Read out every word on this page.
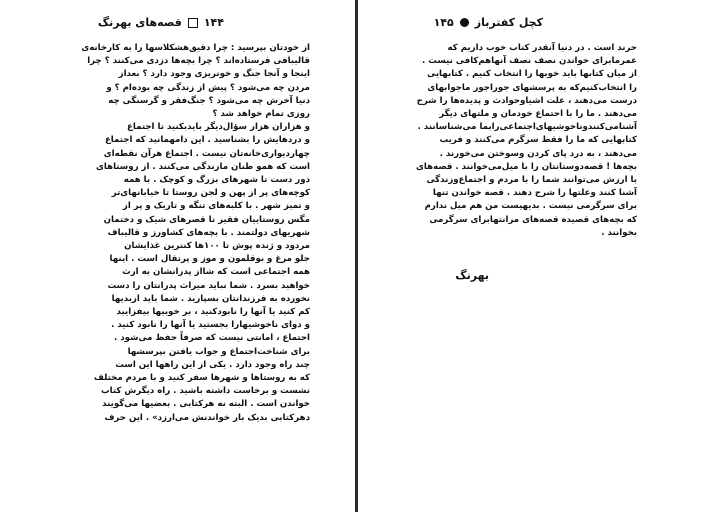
۱۴۴
قصه‌های بهرنگ
از خودتان بپرسید : چرا دقیق‌هشکلاسها را به کارخانه‌ی
قالیبافی فرستاده‌اند ؟ چرا بچه‌ها دزدی می‌کنند ؟ چرا
اینجا و آنجا جنگ و خونریزی وجود دارد ؟ بعداز
مردن چه می‌شود ؟ پیش از زندگی چه بوده‌ام ؟ و
دنیا آخرش چه می‌شود ؟ جنگ‌فقر و گرسنگی چه
روزی تمام خواهد شد ؟
و هزاران هزار سؤال‌دیگر بایدبکنید تا اجتماع
و دردهایش را بشناسید . این دامهمانید که اجتماع
چهاردیواری‌خانه‌تان نیست . اجتماع هرآن نقطه‌ای
است که همو طنان مازندگی می‌کنند . از روستاهای
دور دست تا شهرهای بزرگ و کوچک . با همه
کوچه‌های پر از پهن و لجن روستا تا خیابانهای‌تر
و تمیز شهر . با کلبه‌های تنگه و تاریک و پر از
مگس روستاییان فقیر تا قصرهای شیک و دختمان
شهریهای دولتمند . با بچه‌های کشاورز و قالیباف
مردود و ژنده پوش تا ۱۰۰‌ها کنترین غذایشان
جلو مرغ و بوقلمون و موز و پرتقال است . اینها
همه اجتماعی است که شااز پدرانشان به ارث
خواهید بسرد . شما نباید میراث پدرانتان را دست
نخورده به فرزندانتان بسپارید . شما باید ازبدیها
کم کنید یا آنها را نابودکنید ، بر خوبیها بیفزایید
و دوای ناخوشیهارا بجستید یا آنها را نابود کنید .
احتماع ، امانتی نیست که صرفاً حفظ می‌شود .
برای شناخت‌اجتماع و جواب یافتن بپرسشها
چند راه وجود دارد . یکی از این راهها این است
که به روستاها و شهرها سفر کنید و با مردم مختلف
نشست و برخاست داشته باشید . راه دیگرش کتاب
خواندن است . البته نه هرکتابی . بعضیها می‌گویند
دهرکتابی بدیک بار خواندنش می‌ارزد» . این حرف
کچل کفترباز
۱۴۵
حرند است . در دنیا آنقدر کتاب خوب داریم که
عمرمابرای خواندن نصف نصف آنهاهم‌کافی نیست .
از میان کتابها باید خوبها را انتخاب کنیم . کتابهایی
را انتخاب‌کنیم‌که به پرسشهای جوراجور ماجوابهای
درست می‌دهند ، علت اشیاوحوادث و پدیده‌ها را شرح
می‌دهند . ما را با احتماع خودمان و ملتهای دیگر
آشنامی‌کنندو‌ناخوشیهای‌اجتماعی‌رابما می‌شناسانند .
کتابهایی که ما را فقط سرگرم می‌کنند و فریب
می‌دهند ، به درد پای کردن وسوختن می‌خورند .
بچه‌ها ! قصه‌دوستانتان را با میل‌می‌خوانند . قصه‌های
با ارزش می‌توانند شما را با مردم و اجتماع‌وزندگی
آشنا کنند وعلتها را شرح دهند . قصه خواندن تنها
برای سرگرمی نیست . بدیهیست من هم میل ندارم
که بچه‌های قصیده قصه‌های مرانتهابرای سرگرمی
بخوانند .
بهرنگ
